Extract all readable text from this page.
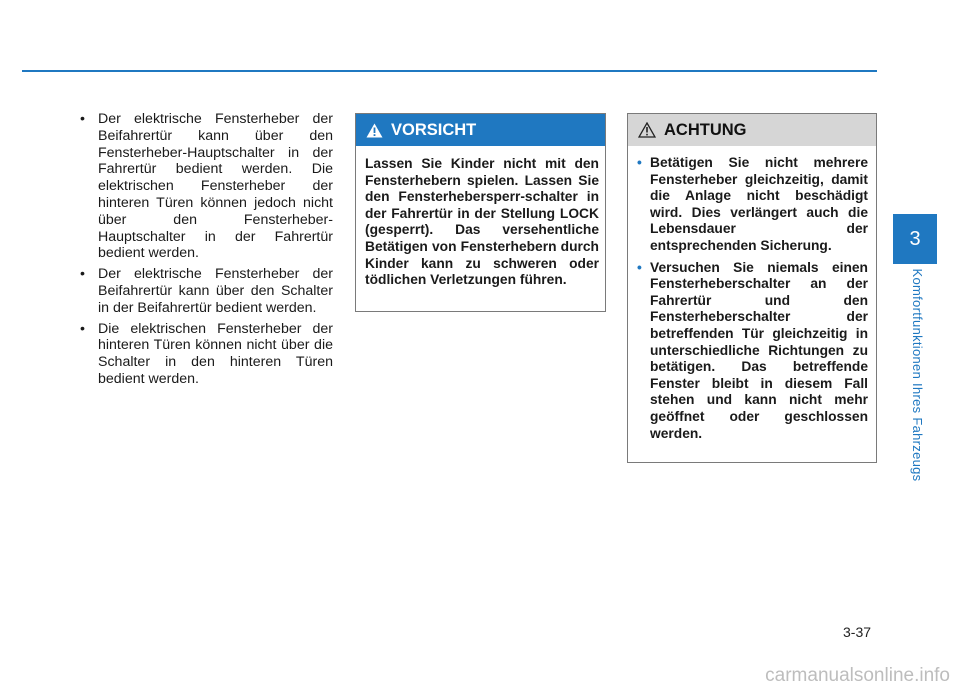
3
Komfortfunktionen Ihres Fahrzeugs
• Der elektrische Fensterheber der Beifahrertür kann über den Fensterheber-Hauptschalter in der Fahrertür bedient werden. Die elektrischen Fensterheber der hinteren Türen können jedoch nicht über den Fensterheber-Hauptschalter in der Fahrertür bedient werden.
• Der elektrische Fensterheber der Beifahrertür kann über den Schalter in der Beifahrertür bedient werden.
• Die elektrischen Fensterheber der hinteren Türen können nicht über die Schalter in den hinteren Türen bedient werden.
VORSICHT
Lassen Sie Kinder nicht mit den Fensterhebern spielen. Lassen Sie den Fensterhebersperr-schalter in der Fahrertür in der Stellung LOCK (gesperrt). Das versehentliche Betätigen von Fensterhebern durch Kinder kann zu schweren oder tödlichen Verletzungen führen.
ACHTUNG
• Betätigen Sie nicht mehrere Fensterheber gleichzeitig, damit die Anlage nicht beschädigt wird. Dies verlängert auch die Lebensdauer der entsprechenden Sicherung.
• Versuchen Sie niemals einen Fensterheberschalter an der Fahrertür und den Fensterheberschalter der betreffenden Tür gleichzeitig in unterschiedliche Richtungen zu betätigen. Das betreffende Fenster bleibt in diesem Fall stehen und kann nicht mehr geöffnet oder geschlossen werden.
3-37
carmanualsonline.info
